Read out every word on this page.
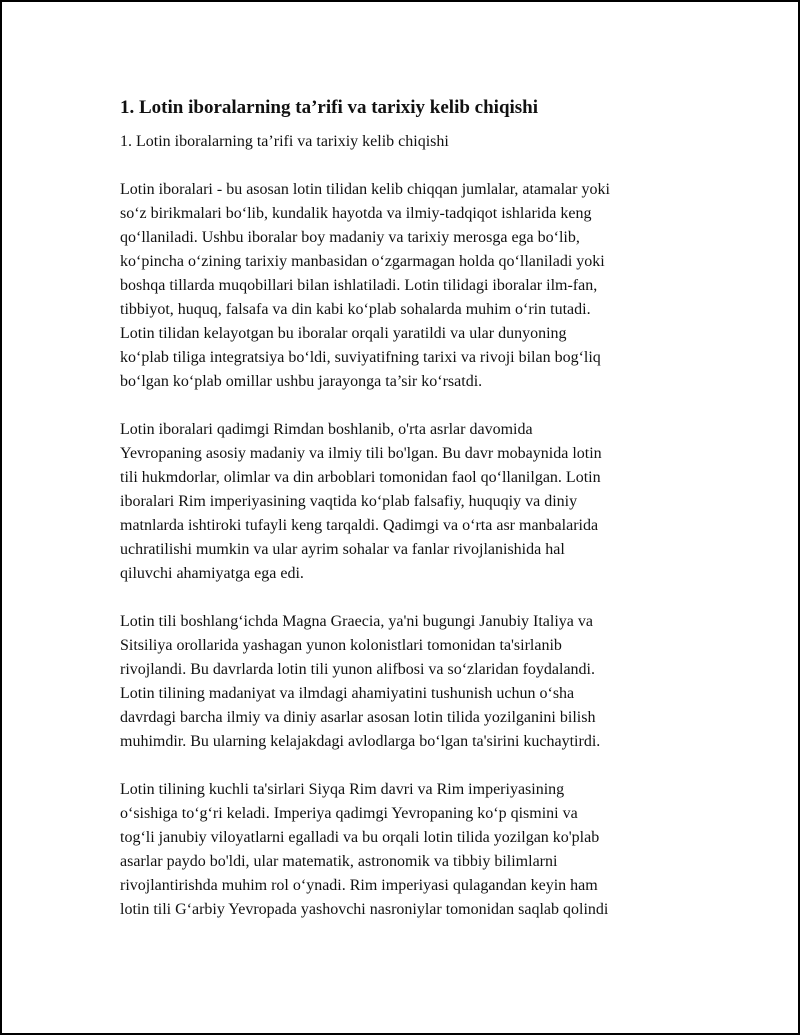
1. Lotin iboralarning ta’rifi va tarixiy kelib chiqishi
1. Lotin iboralarning ta’rifi va tarixiy kelib chiqishi
Lotin iboralari - bu asosan lotin tilidan kelib chiqqan jumlalar, atamalar yoki
so‘z birikmalari bo‘lib, kundalik hayotda va ilmiy-tadqiqot ishlarida keng
qo‘llaniladi. Ushbu iboralar boy madaniy va tarixiy merosga ega bo‘lib,
ko‘pincha o‘zining tarixiy manbasidan o‘zgarmagan holda qo‘llaniladi yoki
boshqa tillarda muqobillari bilan ishlatiladi. Lotin tilidagi iboralar ilm-fan,
tibbiyot, huquq, falsafa va din kabi ko‘plab sohalarda muhim o‘rin tutadi.
Lotin tilidan kelayotgan bu iboralar orqali yaratildi va ular dunyoning
ko‘plab tiliga integratsiya bo‘ldi, suviyatifning tarixi va rivoji bilan bog‘liq
bo‘lgan ko‘plab omillar ushbu jarayonga ta’sir ko‘rsatdi.
Lotin iboralari qadimgi Rimdan boshlanib, o'rta asrlar davomida
Yevropaning asosiy madaniy va ilmiy tili bo'lgan. Bu davr mobaynida lotin
tili hukmdorlar, olimlar va din arboblari tomonidan faol qo‘llanilgan. Lotin
iboralari Rim imperiyasining vaqtida ko‘plab falsafiy, huquqiy va diniy
matnlarda ishtiroki tufayli keng tarqaldi. Qadimgi va o‘rta asr manbalarida
uchratilishi mumkin va ular ayrim sohalar va fanlar rivojlanishida hal
qiluvchi ahamiyatga ega edi.
Lotin tili boshlang‘ichda Magna Graecia, ya'ni bugungi Janubiy Italiya va
Sitsiliya orollarida yashagan yunon kolonistlari tomonidan ta'sirlanib
rivojlandi. Bu davrlarda lotin tili yunon alifbosi va so‘zlaridan foydalandi.
Lotin tilining madaniyat va ilmdagi ahamiyatini tushunish uchun o‘sha
davrdagi barcha ilmiy va diniy asarlar asosan lotin tilida yozilganini bilish
muhimdir. Bu ularning kelajakdagi avlodlarga bo‘lgan ta'sirini kuchaytirdi.
Lotin tilining kuchli ta'sirlari Siyqa Rim davri va Rim imperiyasining
o‘sishiga to‘g‘ri keladi. Imperiya qadimgi Yevropaning ko‘p qismini va
tog‘li janubiy viloyatlarni egalladi va bu orqali lotin tilida yozilgan ko'plab
asarlar paydo bo'ldi, ular matematik, astronomik va tibbiy bilimlarni
rivojlantirishda muhim rol o‘ynadi. Rim imperiyasi qulagandan keyin ham
lotin tili G‘arbiy Yevropada yashovchi nasroniylar tomonidan saqlab qolindi
